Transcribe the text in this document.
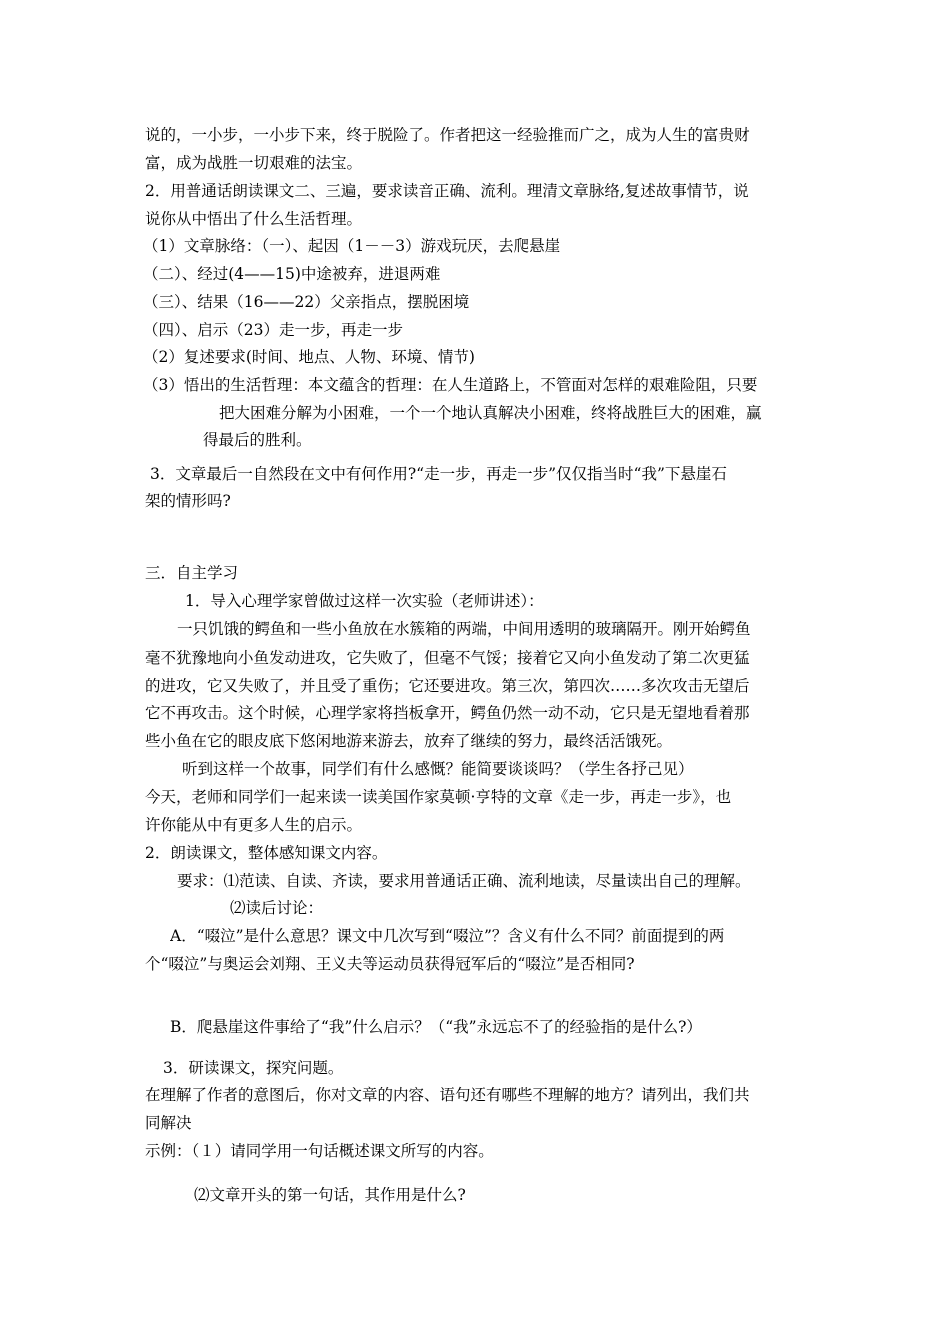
说的，一小步，一小步下来，终于脱险了。作者把这一经验推而广之，成为人生的富贵财
富，成为战胜一切艰难的法宝。
2．用普通话朗读课文二、三遍，要求读音正确、流利。理清文章脉络,复述故事情节，说
说你从中悟出了什么生活哲理。
（1）文章脉络：（一）、起因（1－－3）游戏玩厌，去爬悬崖
（二）、经过(4——15)中途被弃，进退两难
（三）、结果（16——22）父亲指点，摆脱困境
（四）、启示（23）走一步，再走一步
（2）复述要求(时间、地点、人物、环境、情节)
（3）悟出的生活哲理：本文蕴含的哲理：在人生道路上，不管面对怎样的艰难险阻，只要
把大困难分解为小困难，一个一个地认真解决小困难，终将战胜巨大的困难，赢
得最后的胜利。
3．文章最后一自然段在文中有何作用?“走一步，再走一步”仅仅指当时“我”下悬崖石
架的情形吗?
三．自主学习
1．导入心理学家曾做过这样一次实验（老师讲述）：
一只饥饿的鳄鱼和一些小鱼放在水簇箱的两端，中间用透明的玻璃隔开。刚开始鳄鱼
毫不犹豫地向小鱼发动进攻，它失败了，但毫不气馁；接着它又向小鱼发动了第二次更猛
的进攻，它又失败了，并且受了重伤；它还要进攻。第三次，第四次……多次攻击无望后
它不再攻击。这个时候，心理学家将挡板拿开，鳄鱼仍然一动不动，它只是无望地看着那
些小鱼在它的眼皮底下悠闲地游来游去，放弃了继续的努力，最终活活饿死。
听到这样一个故事，同学们有什么感慨？能简要谈谈吗？（学生各抒己见）
今天，老师和同学们一起来读一读美国作家莫顿·亨特的文章《走一步，再走一步》，也
许你能从中有更多人生的启示。
2．朗读课文，整体感知课文内容。
要求：⑴范读、自读、齐读，要求用普通话正确、流利地读，尽量读出自己的理解。
⑵读后讨论：
A．“啜泣”是什么意思？课文中几次写到“啜泣”？含义有什么不同？前面提到的两
个“啜泣”与奥运会刘翔、王义夫等运动员获得冠军后的“啜泣”是否相同?
B．爬悬崖这件事给了“我”什么启示？（“我”永远忘不了的经验指的是什么?）
3．研读课文，探究问题。
在理解了作者的意图后，你对文章的内容、语句还有哪些不理解的地方？请列出，我们共
同解决
示例：（１）请同学用一句话概述课文所写的内容。
⑵文章开头的第一句话，其作用是什么?
